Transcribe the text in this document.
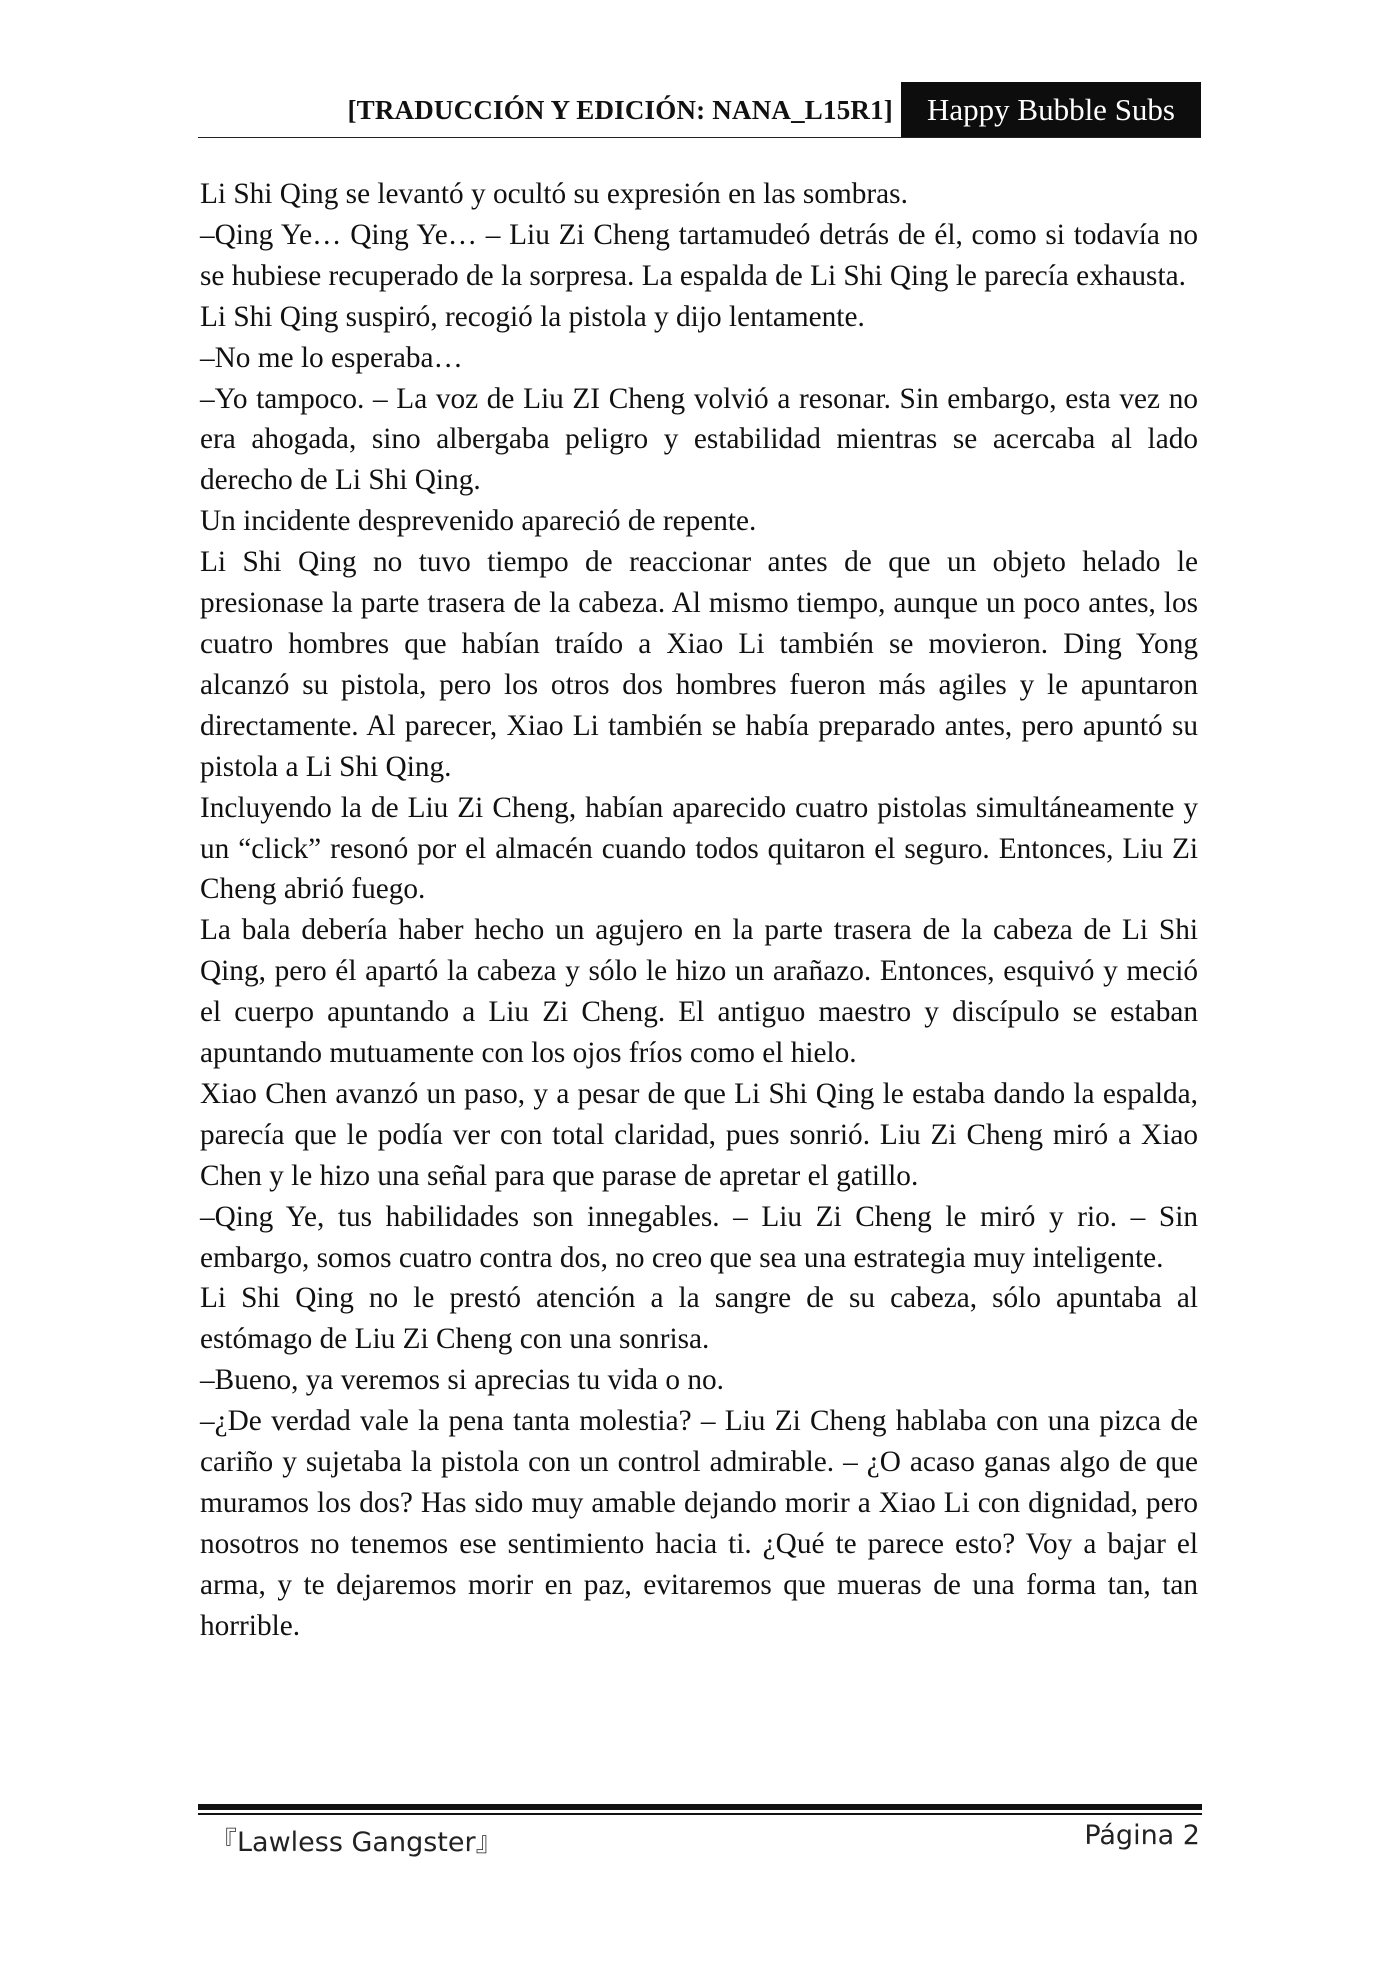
[TRADUCCIÓN Y EDICIÓN: NANA_L15R1]	Happy Bubble Subs

Li Shi Qing se levantó y ocultó su expresión en las sombras.

–Qing Ye… Qing Ye… – Liu Zi Cheng tartamudeó detrás de él, como si todavía no se hubiese recuperado de la sorpresa. La espalda de Li Shi Qing le parecía exhausta.

Li Shi Qing suspiró, recogió la pistola y dijo lentamente.

–No me lo esperaba…

–Yo tampoco. – La voz de Liu ZI Cheng volvió a resonar. Sin embargo, esta vez no era ahogada, sino albergaba peligro y estabilidad mientras se acercaba al lado derecho de Li Shi Qing.

Un incidente desprevenido apareció de repente.

Li Shi Qing no tuvo tiempo de reaccionar antes de que un objeto helado le presionase la parte trasera de la cabeza. Al mismo tiempo, aunque un poco antes, los cuatro hombres que habían traído a Xiao Li también se movieron. Ding Yong alcanzó su pistola, pero los otros dos hombres fueron más agiles y le apuntaron directamente. Al parecer, Xiao Li también se había preparado antes, pero apuntó su pistola a Li Shi Qing.

Incluyendo la de Liu Zi Cheng, habían aparecido cuatro pistolas simultáneamente y un “click” resonó por el almacén cuando todos quitaron el seguro. Entonces, Liu Zi Cheng abrió fuego.

La bala debería haber hecho un agujero en la parte trasera de la cabeza de Li Shi Qing, pero él apartó la cabeza y sólo le hizo un arañazo. Entonces, esquivó y meció el cuerpo apuntando a Liu Zi Cheng. El antiguo maestro y discípulo se estaban apuntando mutuamente con los ojos fríos como el hielo.

Xiao Chen avanzó un paso, y a pesar de que Li Shi Qing le estaba dando la espalda, parecía que le podía ver con total claridad, pues sonrió. Liu Zi Cheng miró a Xiao Chen y le hizo una señal para que parase de apretar el gatillo.

–Qing Ye, tus habilidades son innegables. – Liu Zi Cheng le miró y rio. – Sin embargo, somos cuatro contra dos, no creo que sea una estrategia muy inteligente.

Li Shi Qing no le prestó atención a la sangre de su cabeza, sólo apuntaba al estómago de Liu Zi Cheng con una sonrisa.

–Bueno, ya veremos si aprecias tu vida o no.

–¿De verdad vale la pena tanta molestia? – Liu Zi Cheng hablaba con una pizca de cariño y sujetaba la pistola con un control admirable. – ¿O acaso ganas algo de que muramos los dos? Has sido muy amable dejando morir a Xiao Li con dignidad, pero nosotros no tenemos ese sentimiento hacia ti. ¿Qué te parece esto? Voy a bajar el arma, y te dejaremos morir en paz, evitaremos que mueras de una forma tan, tan horrible.

『Lawless Gangster』	Página 2
